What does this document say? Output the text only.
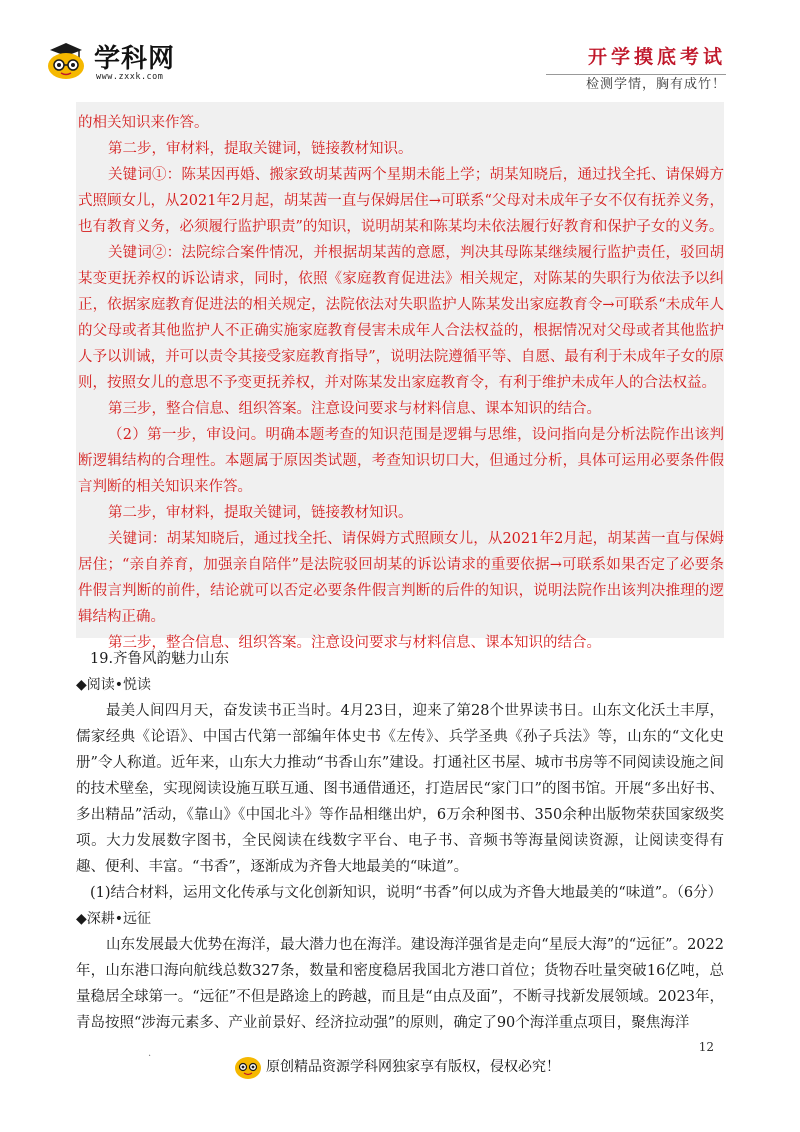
学科网
www.zxxk.com
开学摸底考试
检测学情，胸有成竹！

的相关知识来作答。

第二步，审材料，提取关键词，链接教材知识。

关键词①：陈某因再婚、搬家致胡某茜两个星期未能上学；胡某知晓后，通过找全托、请保姆方式照顾女儿，从2021年2月起，胡某茜一直与保姆居住→可联系“父母对未成年子女不仅有抚养义务，也有教育义务，必须履行监护职责”的知识，说明胡某和陈某均未依法履行好教育和保护子女的义务。

关键词②：法院综合案件情况，并根据胡某茜的意愿，判决其母陈某继续履行监护责任，驳回胡某变更抚养权的诉讼请求，同时，依照《家庭教育促进法》相关规定，对陈某的失职行为依法予以纠正，依据家庭教育促进法的相关规定，法院依法对失职监护人陈某发出家庭教育令→可联系“未成年人的父母或者其他监护人不正确实施家庭教育侵害未成年人合法权益的，根据情况对父母或者其他监护人予以训诫，并可以责令其接受家庭教育指导”，说明法院遵循平等、自愿、最有利于未成年子女的原则，按照女儿的意思不予变更抚养权，并对陈某发出家庭教育令，有利于维护未成年人的合法权益。

第三步，整合信息、组织答案。注意设问要求与材料信息、课本知识的结合。

（2）第一步，审设问。明确本题考查的知识范围是逻辑与思维，设问指向是分析法院作出该判断逻辑结构的合理性。本题属于原因类试题，考查知识切口大，但通过分析，具体可运用必要条件假言判断的相关知识来作答。

第二步，审材料，提取关键词，链接教材知识。

关键词：胡某知晓后，通过找全托、请保姆方式照顾女儿，从2021年2月起，胡某茜一直与保姆居住；“亲自养育，加强亲自陪伴”是法院驳回胡某的诉讼请求的重要依据→可联系如果否定了必要条件假言判断的前件，结论就可以否定必要条件假言判断的后件的知识，说明法院作出该判决推理的逻辑结构正确。

第三步，整合信息、组织答案。注意设问要求与材料信息、课本知识的结合。

19.齐鲁风韵魅力山东

◆阅读•悦读

最美人间四月天，奋发读书正当时。4月23日，迎来了第28个世界读书日。山东文化沃土丰厚，儒家经典《论语》、中国古代第一部编年体史书《左传》、兵学圣典《孙子兵法》等，山东的“文化史册”令人称道。近年来，山东大力推动“书香山东”建设。打通社区书屋、城市书房等不同阅读设施之间的技术壁垒，实现阅读设施互联互通、图书通借通还，打造居民“家门口”的图书馆。开展“多出好书、多出精品”活动，《靠山》《中国北斗》等作品相继出炉，6万余种图书、350余种出版物荣获国家级奖项。大力发展数字图书，全民阅读在线数字平台、电子书、音频书等海量阅读资源，让阅读变得有趣、便利、丰富。“书香”，逐渐成为齐鲁大地最美的“味道”。

(1)结合材料，运用文化传承与文化创新知识，说明“书香”何以成为齐鲁大地最美的“味道”。（6分）

◆深耕•远征

山东发展最大优势在海洋，最大潜力也在海洋。建设海洋强省是走向“星辰大海”的“远征”。2022年，山东港口海向航线总数327条，数量和密度稳居我国北方港口首位；货物吞吐量突破16亿吨，总量稳居全球第一。“远征”不但是路途上的跨越，而且是“由点及面”，不断寻找新发展领域。2023年，青岛按照“涉海元素多、产业前景好、经济拉动强”的原则，确定了90个海洋重点项目，聚焦海洋

.
原创精品资源学科网独家享有版权，侵权必究！
12
